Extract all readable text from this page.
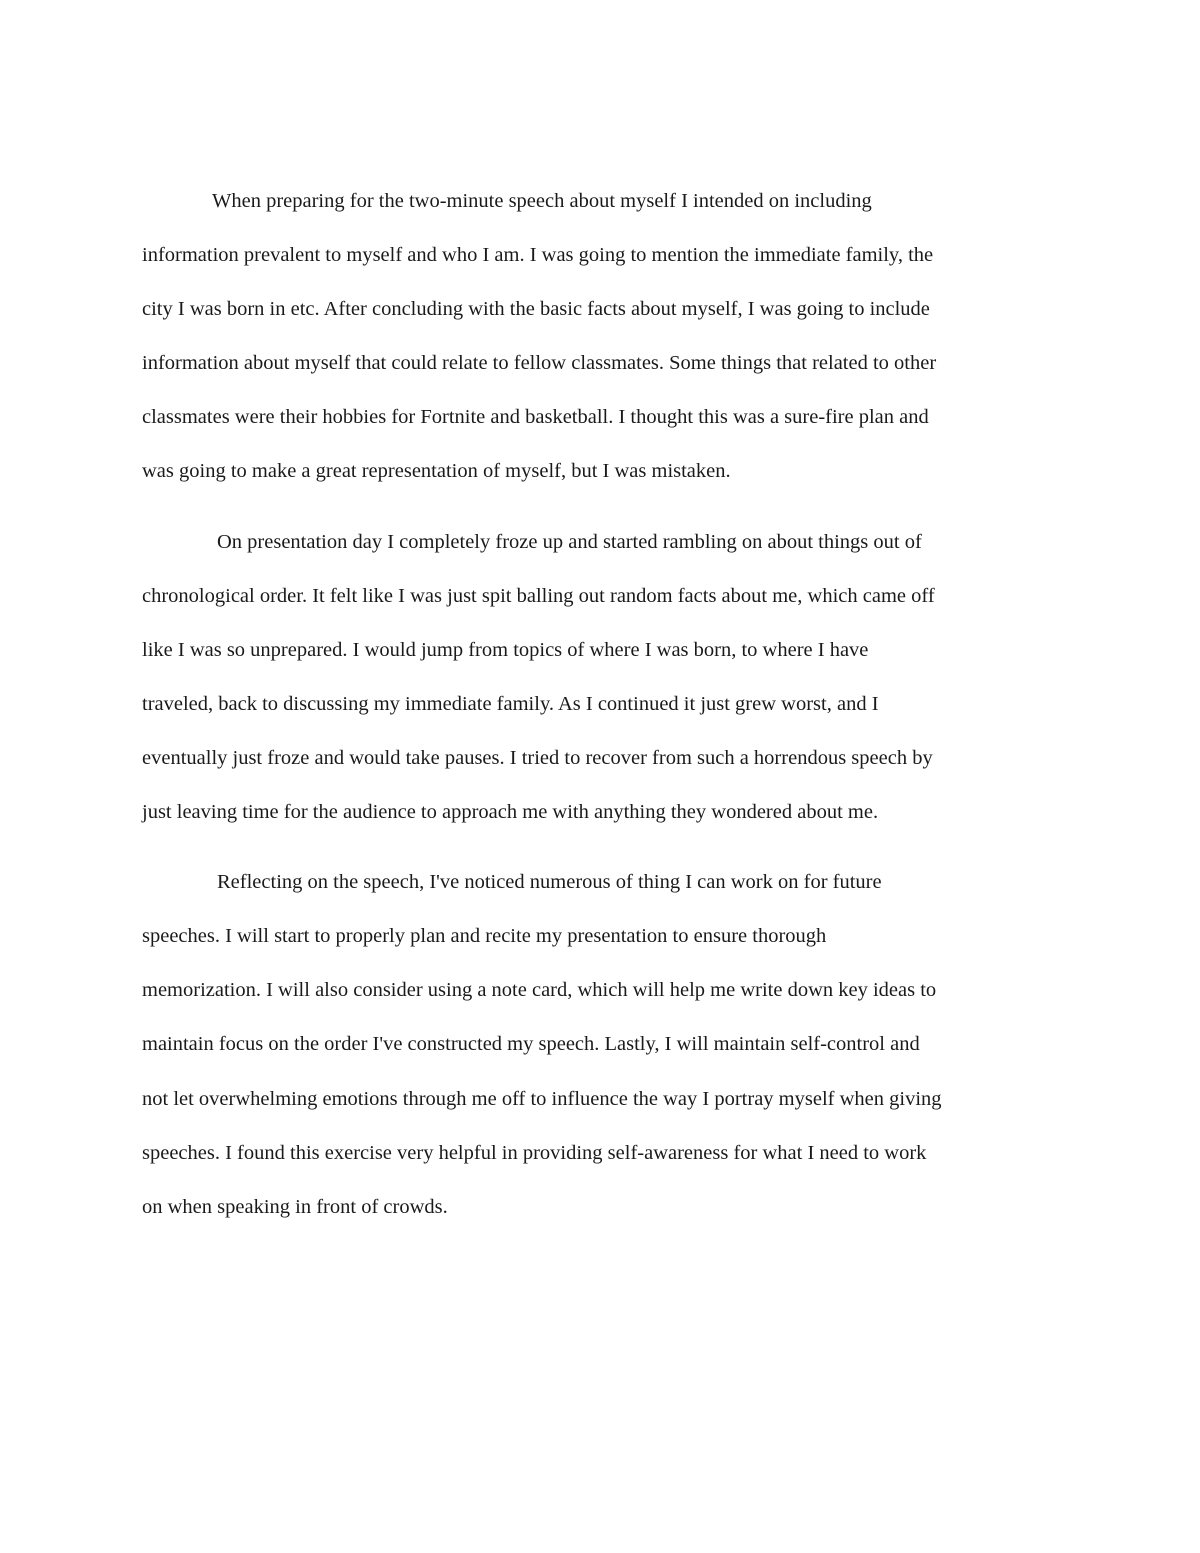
When preparing for the two-minute speech about myself I intended on including
information prevalent to myself and who I am. I was going to mention the immediate family, the
city I was born in etc. After concluding with the basic facts about myself, I was going to include
information about myself that could relate to fellow classmates. Some things that related to other
classmates were their hobbies for Fortnite and basketball. I thought this was a sure-fire plan and
was going to make a great representation of myself, but I was mistaken.
On presentation day I completely froze up and started rambling on about things out of
chronological order. It felt like I was just spit balling out random facts about me, which came off
like I was so unprepared. I would jump from topics of where I was born, to where I have
traveled, back to discussing my immediate family. As I continued it just grew worst, and I
eventually just froze and would take pauses. I tried to recover from such a horrendous speech by
just leaving time for the audience to approach me with anything they wondered about me.
Reflecting on the speech, I've noticed numerous of thing I can work on for future
speeches. I will start to properly plan and recite my presentation to ensure thorough
memorization. I will also consider using a note card, which will help me write down key ideas to
maintain focus on the order I've constructed my speech. Lastly, I will maintain self-control and
not let overwhelming emotions through me off to influence the way I portray myself when giving
speeches. I found this exercise very helpful in providing self-awareness for what I need to work
on when speaking in front of crowds.
